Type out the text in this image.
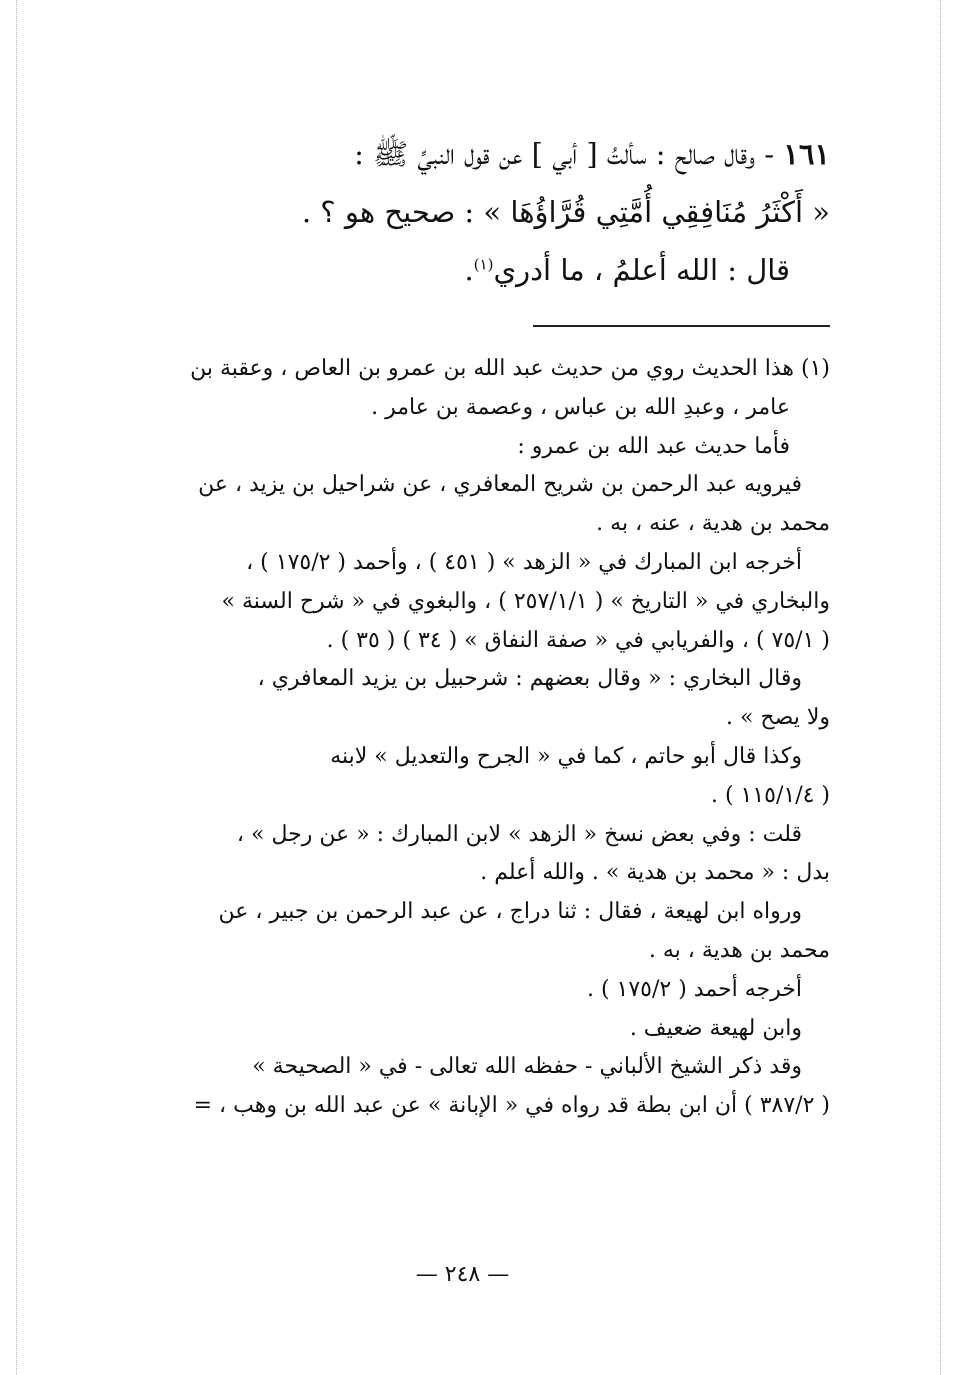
١٦١ - وقال صالح : سألتُ [ أبي ] عن قول النبيِّ ﷺ :

« أَكْثَرُ مُنَافِقِي أُمَّتِي قُرَّاؤُهَا » : صحيح هو ؟ .

قال : الله أعلمُ ، ما أدري$^{(١)}$.

(١) هذا الحديث روي من حديث عبد الله بن عمرو بن العاص ، وعقبة بن

عامر ، وعبدِ الله بن عباس ، وعصمة بن عامر .

فأما حديث عبد الله بن عمرو :

فيرويه عبد الرحمن بن شريح المعافري ، عن شراحيل بن يزيد ، عن

محمد بن هدية ، عنه ، به .

أخرجه ابن المبارك في « الزهد » ( ٤٥١ ) ، وأحمد ( ١٧٥/٢ ) ،

والبخاري في « التاريخ » ( ٢٥٧/١/١ ) ، والبغوي في « شرح السنة »

( ٧٥/١ ) ، والفريابي في « صفة النفاق » ( ٣٤ ) ( ٣٥ ) .

وقال البخاري : « وقال بعضهم : شرحبيل بن يزيد المعافري ،

ولا يصح » .

وكذا قال أبو حاتم ، كما في « الجرح والتعديل » لابنه

( ١١٥/١/٤ ) .

قلت : وفي بعض نسخ « الزهد » لابن المبارك : « عن رجل » ،

بدل : « محمد بن هدية » . والله أعلم .

ورواه ابن لهيعة ، فقال : ثنا دراج ، عن عبد الرحمن بن جبير ، عن

محمد بن هدية ، به .

أخرجه أحمد ( ١٧٥/٢ ) .

وابن لهيعة ضعيف .

وقد ذكر الشيخ الألباني - حفظه الله تعالى - في « الصحيحة »

( ٣٨٧/٢ ) أن ابن بطة قد رواه في « الإبانة » عن عبد الله بن وهب ، =

— ٢٤٨ —
